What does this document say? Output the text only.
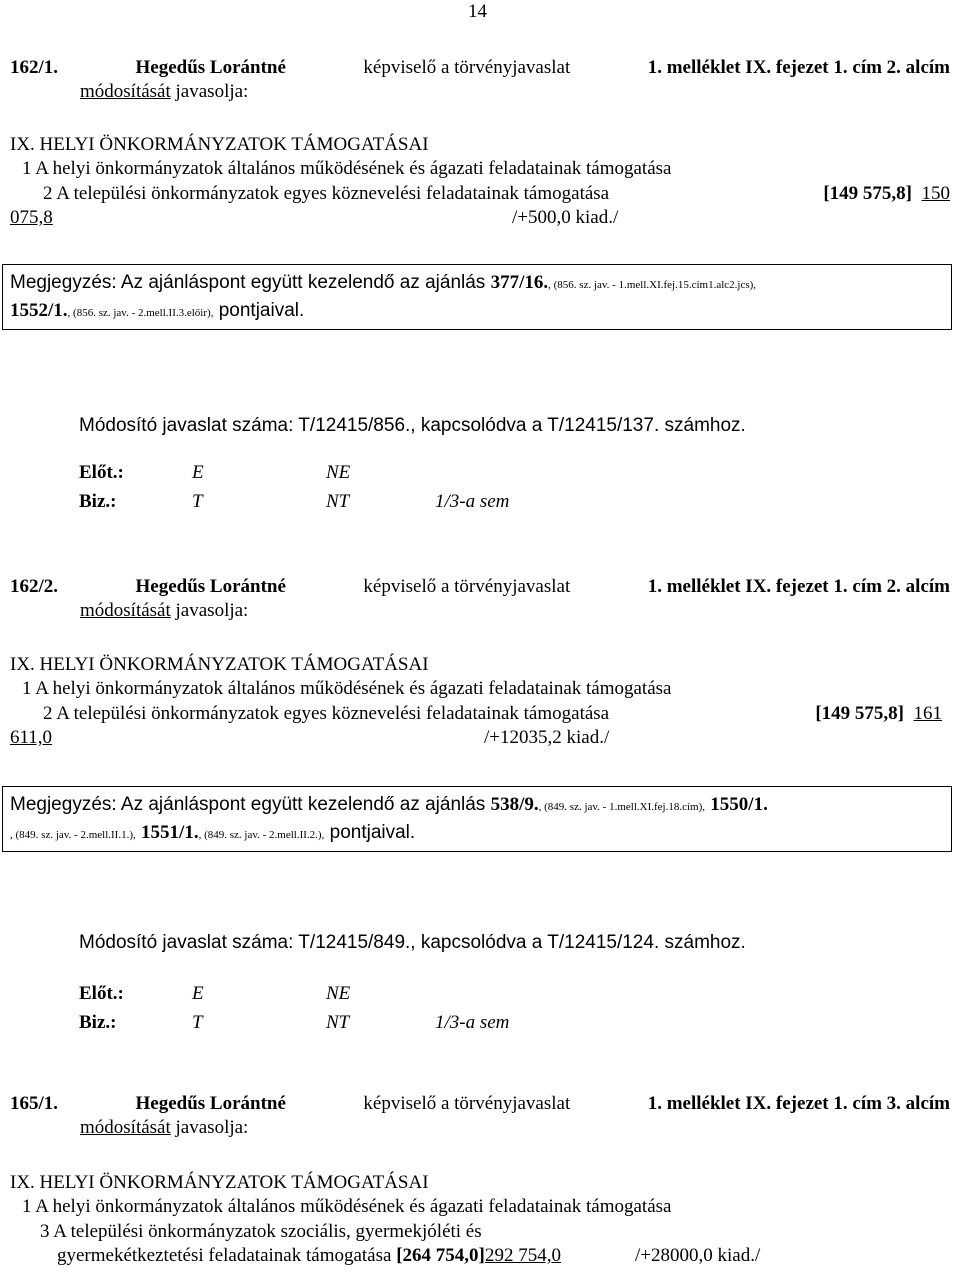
14
162/1.	Hegedűs Lorántné	képviselő a törvényjavaslat	1. melléklet IX. fejezet 1. cím 2. alcím
módosítását javasolja:
IX. HELYI ÖNKORMÁNYZATOK TÁMOGATÁSAI
1 A helyi önkormányzatok általános működésének és ágazati feladatainak támogatása
2 A települési önkormányzatok egyes köznevelési feladatainak támogatása	[149 575,8] 150
075,8	/+500,0 kiad./
Megjegyzés: Az ajánláspont együtt kezelendő az ajánlás 377/16., (856. sz. jav. - 1.mell.XI.fej.15.cím1.alc2.jcs),
1552/1., (856. sz. jav. - 2.mell.II.3.előir), pontjaival.
Módosító javaslat száma: T/12415/856., kapcsolódva a T/12415/137. számhoz.
Előt.:	E	NE
Biz.:	T	NT	1/3-a sem
162/2.	Hegedűs Lorántné	képviselő a törvényjavaslat	1. melléklet IX. fejezet 1. cím 2. alcím
módosítását javasolja:
IX. HELYI ÖNKORMÁNYZATOK TÁMOGATÁSAI
1 A helyi önkormányzatok általános működésének és ágazati feladatainak támogatása
2 A települési önkormányzatok egyes köznevelési feladatainak támogatása	[149 575,8] 161
611,0	/+12035,2 kiad./
Megjegyzés: Az ajánláspont együtt kezelendő az ajánlás 538/9., (849. sz. jav. - 1.mell.XI.fej.18.cím), 1550/1.
, (849. sz. jav. - 2.mell.II.1.), 1551/1., (849. sz. jav. - 2.mell.II.2.), pontjaival.
Módosító javaslat száma: T/12415/849., kapcsolódva a T/12415/124. számhoz.
Előt.:	E	NE
Biz.:	T	NT	1/3-a sem
165/1.	Hegedűs Lorántné	képviselő a törvényjavaslat	1. melléklet IX. fejezet 1. cím 3. alcím
módosítását javasolja:
IX. HELYI ÖNKORMÁNYZATOK TÁMOGATÁSAI
1 A helyi önkormányzatok általános működésének és ágazati feladatainak támogatása
3 A települési önkormányzatok szociális, gyermekjóléti és
gyermekétkeztetési feladatainak támogatása [264 754,0] 292 754,0	/+28000,0 kiad./
